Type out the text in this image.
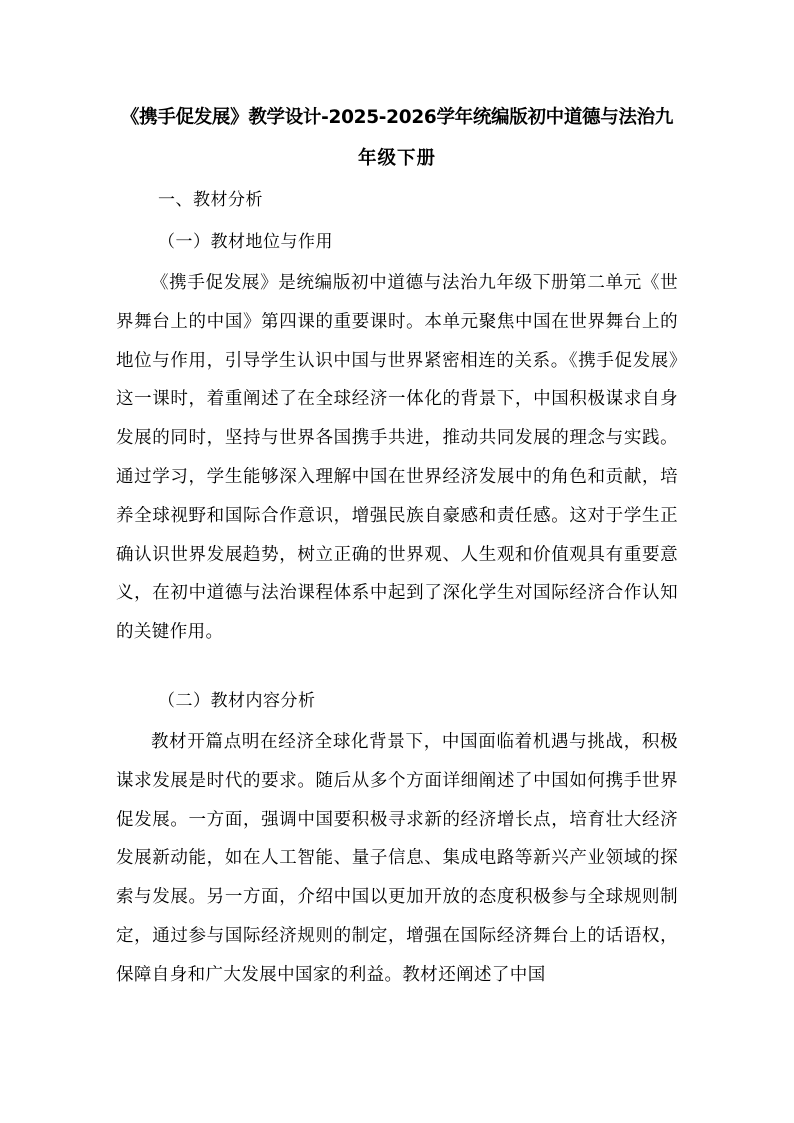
《携手促发展》教学设计-2025-2026学年统编版初中道德与法治九
年级下册
一、教材分析
（一）教材地位与作用

《携手促发展》是统编版初中道德与法治九年级下册第二单元《世界舞台上的中国》第四课的重要课时。本单元聚焦中国在世界舞台上的地位与作用，引导学生认识中国与世界紧密相连的关系。《携手促发展》这一课时，着重阐述了在全球经济一体化的背景下，中国积极谋求自身发展的同时，坚持与世界各国携手共进，推动共同发展的理念与实践。通过学习，学生能够深入理解中国在世界经济发展中的角色和贡献，培养全球视野和国际合作意识，增强民族自豪感和责任感。这对于学生正确认识世界发展趋势，树立正确的世界观、人生观和价值观具有重要意义，在初中道德与法治课程体系中起到了深化学生对国际经济合作认知的关键作用。

（二）教材内容分析

教材开篇点明在经济全球化背景下，中国面临着机遇与挑战，积极谋求发展是时代的要求。随后从多个方面详细阐述了中国如何携手世界促发展。一方面，强调中国要积极寻求新的经济增长点，培育壮大经济发展新动能，如在人工智能、量子信息、集成电路等新兴产业领域的探索与发展。另一方面，介绍中国以更加开放的态度积极参与全球规则制定，通过参与国际经济规则的制定，增强在国际经济舞台上的话语权，保障自身和广大发展中国家的利益。教材还阐述了中国
